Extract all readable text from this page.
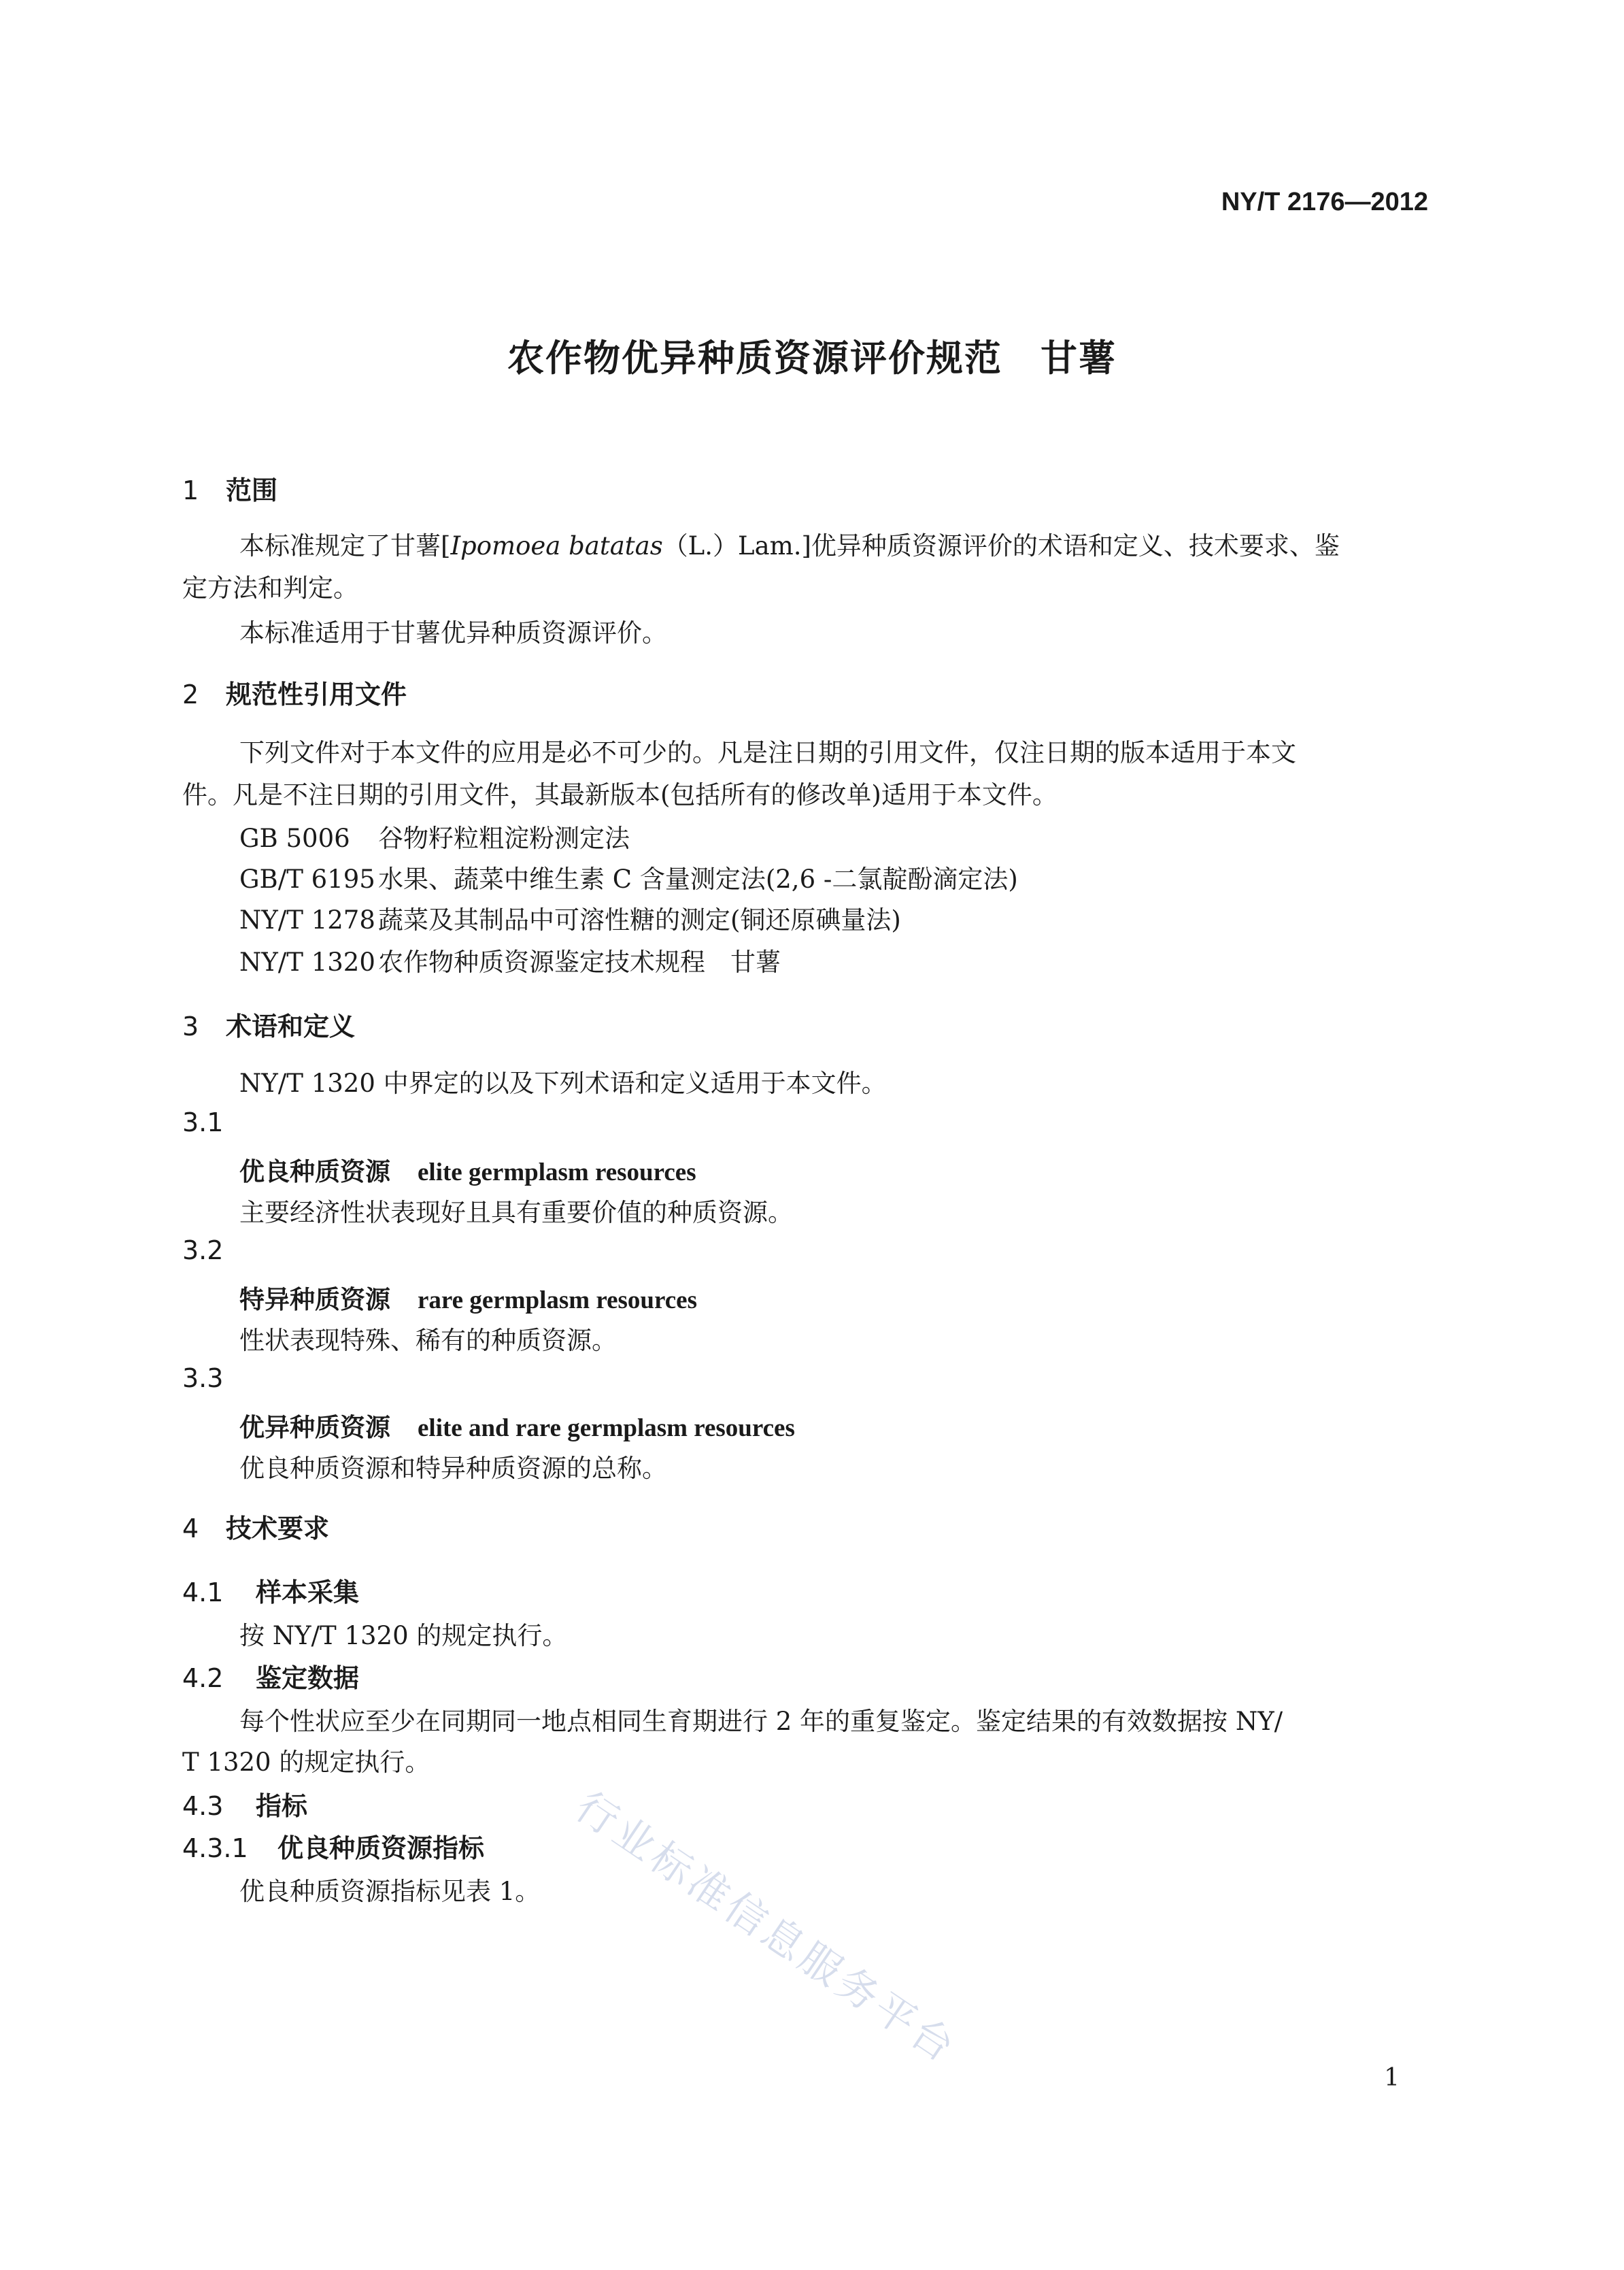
NY/T 2176—2012
农作物优异种质资源评价规范　甘薯
1 范围
本标准规定了甘薯[Ipomoea batatas（L.）Lam.]优异种质资源评价的术语和定义、技术要求、鉴
定方法和判定。
本标准适用于甘薯优异种质资源评价。
2 规范性引用文件
下列文件对于本文件的应用是必不可少的。凡是注日期的引用文件，仅注日期的版本适用于本文
件。凡是不注日期的引用文件，其最新版本(包括所有的修改单)适用于本文件。
GB 5006 谷物籽粒粗淀粉测定法
GB/T 6195 水果、蔬菜中维生素 C 含量测定法(2,6 -二氯靛酚滴定法)
NY/T 1278 蔬菜及其制品中可溶性糖的测定(铜还原碘量法)
NY/T 1320 农作物种质资源鉴定技术规程　甘薯
3 术语和定义
NY/T 1320 中界定的以及下列术语和定义适用于本文件。
3.1
优良种质资源 elite germplasm resources
主要经济性状表现好且具有重要价值的种质资源。
3.2
特异种质资源 rare germplasm resources
性状表现特殊、稀有的种质资源。
3.3
优异种质资源 elite and rare germplasm resources
优良种质资源和特异种质资源的总称。
4 技术要求
4.1 样本采集
按 NY/T 1320 的规定执行。
4.2 鉴定数据
每个性状应至少在同期同一地点相同生育期进行 2 年的重复鉴定。鉴定结果的有效数据按 NY/
T 1320 的规定执行。
4.3 指标
4.3.1 优良种质资源指标
优良种质资源指标见表 1。 行业标准信息服务平台
1
